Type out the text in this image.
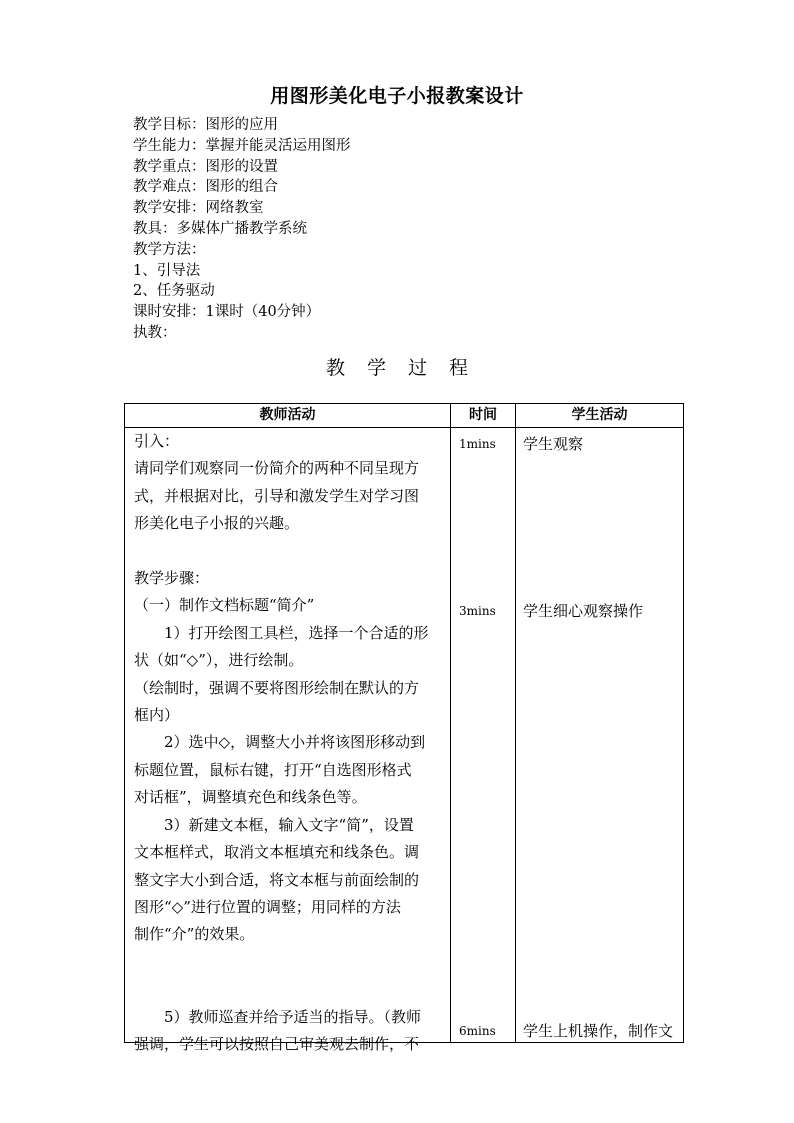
用图形美化电子小报教案设计
教学目标：图形的应用
学生能力：掌握并能灵活运用图形
教学重点：图形的设置
教学难点：图形的组合
教学安排：网络教室
教具：多媒体广播教学系统
教学方法：
1、引导法
2、任务驱动
课时安排：1课时（40分钟）
执教：
教学过程
教师活动	时间	学生活动
引入：
请同学们观察同一份简介的两种不同呈现方
式，并根据对比，引导和激发学生对学习图
形美化电子小报的兴趣。

教学步骤：
（一）制作文档标题“简介”
　　1）打开绘图工具栏，选择一个合适的形
状（如“◇”），进行绘制。
（绘制时，强调不要将图形绘制在默认的方
框内）
　　2）选中◇，调整大小并将该图形移动到
标题位置，鼠标右键，打开“自选图形格式
对话框”，调整填充色和线条色等。
　　3）新建文本框，输入文字“简”，设置
文本框样式，取消文本框填充和线条色。调
整文字大小到合适，将文本框与前面绘制的
图形“◇”进行位置的调整；用同样的方法
制作“介”的效果。

　　5）教师巡查并给予适当的指导。（教师
强调，学生可以按照自己审美观去制作，不
1mins 学生观察
3mins 学生细心观察操作
6mins 学生上机操作，制作文
